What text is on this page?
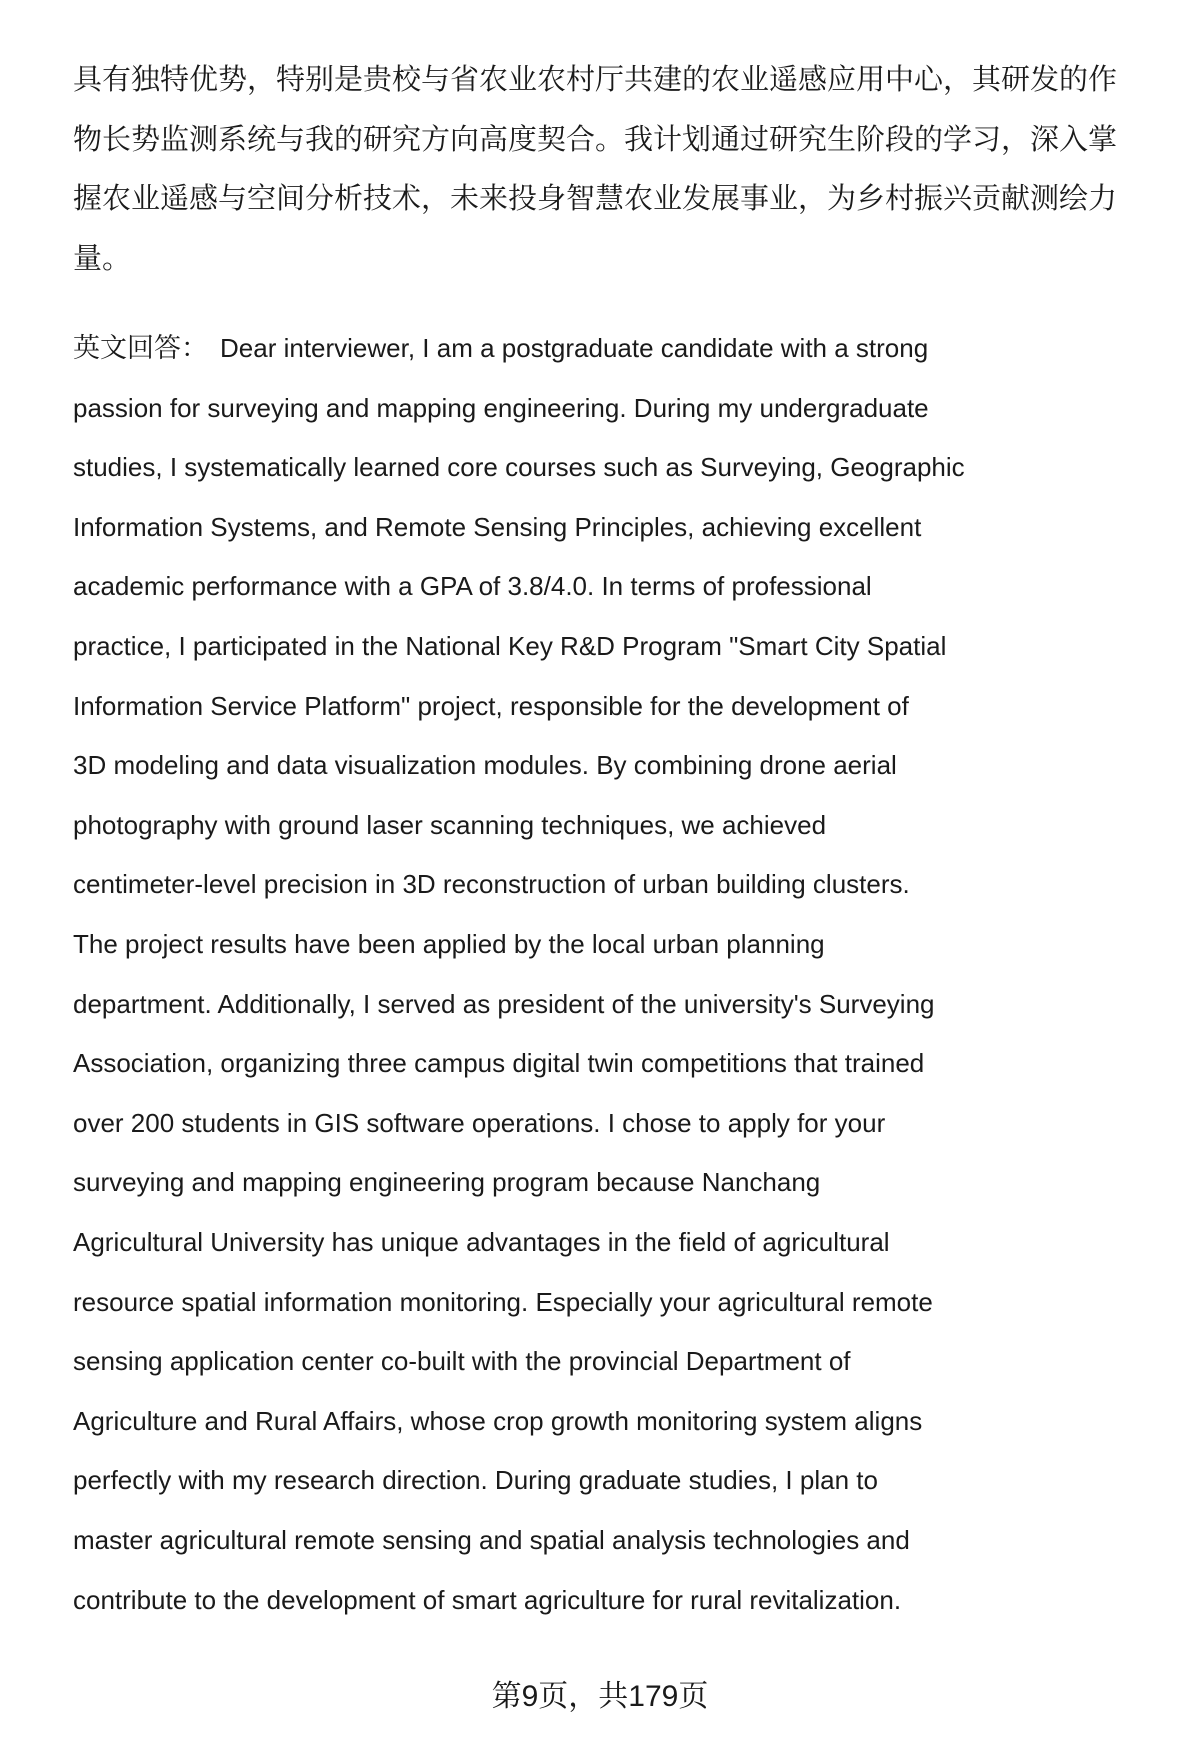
具有独特优势，特别是贵校与省农业农村厅共建的农业遥感应用中心，其研发的作
物长势监测系统与我的研究方向高度契合。我计划通过研究生阶段的学习，深入掌
握农业遥感与空间分析技术，未来投身智慧农业发展事业，为乡村振兴贡献测绘力
量。
英文回答： Dear interviewer, I am a postgraduate candidate with a strong
passion for surveying and mapping engineering. During my undergraduate
studies, I systematically learned core courses such as Surveying, Geographic
Information Systems, and Remote Sensing Principles, achieving excellent
academic performance with a GPA of 3.8/4.0. In terms of professional
practice, I participated in the National Key R&D Program "Smart City Spatial
Information Service Platform" project, responsible for the development of
3D modeling and data visualization modules. By combining drone aerial
photography with ground laser scanning techniques, we achieved
centimeter-level precision in 3D reconstruction of urban building clusters.
The project results have been applied by the local urban planning
department. Additionally, I served as president of the university's Surveying
Association, organizing three campus digital twin competitions that trained
over 200 students in GIS software operations. I chose to apply for your
surveying and mapping engineering program because Nanchang
Agricultural University has unique advantages in the field of agricultural
resource spatial information monitoring. Especially your agricultural remote
sensing application center co-built with the provincial Department of
Agriculture and Rural Affairs, whose crop growth monitoring system aligns
perfectly with my research direction. During graduate studies, I plan to
master agricultural remote sensing and spatial analysis technologies and
contribute to the development of smart agriculture for rural revitalization.
第9页，共179页
